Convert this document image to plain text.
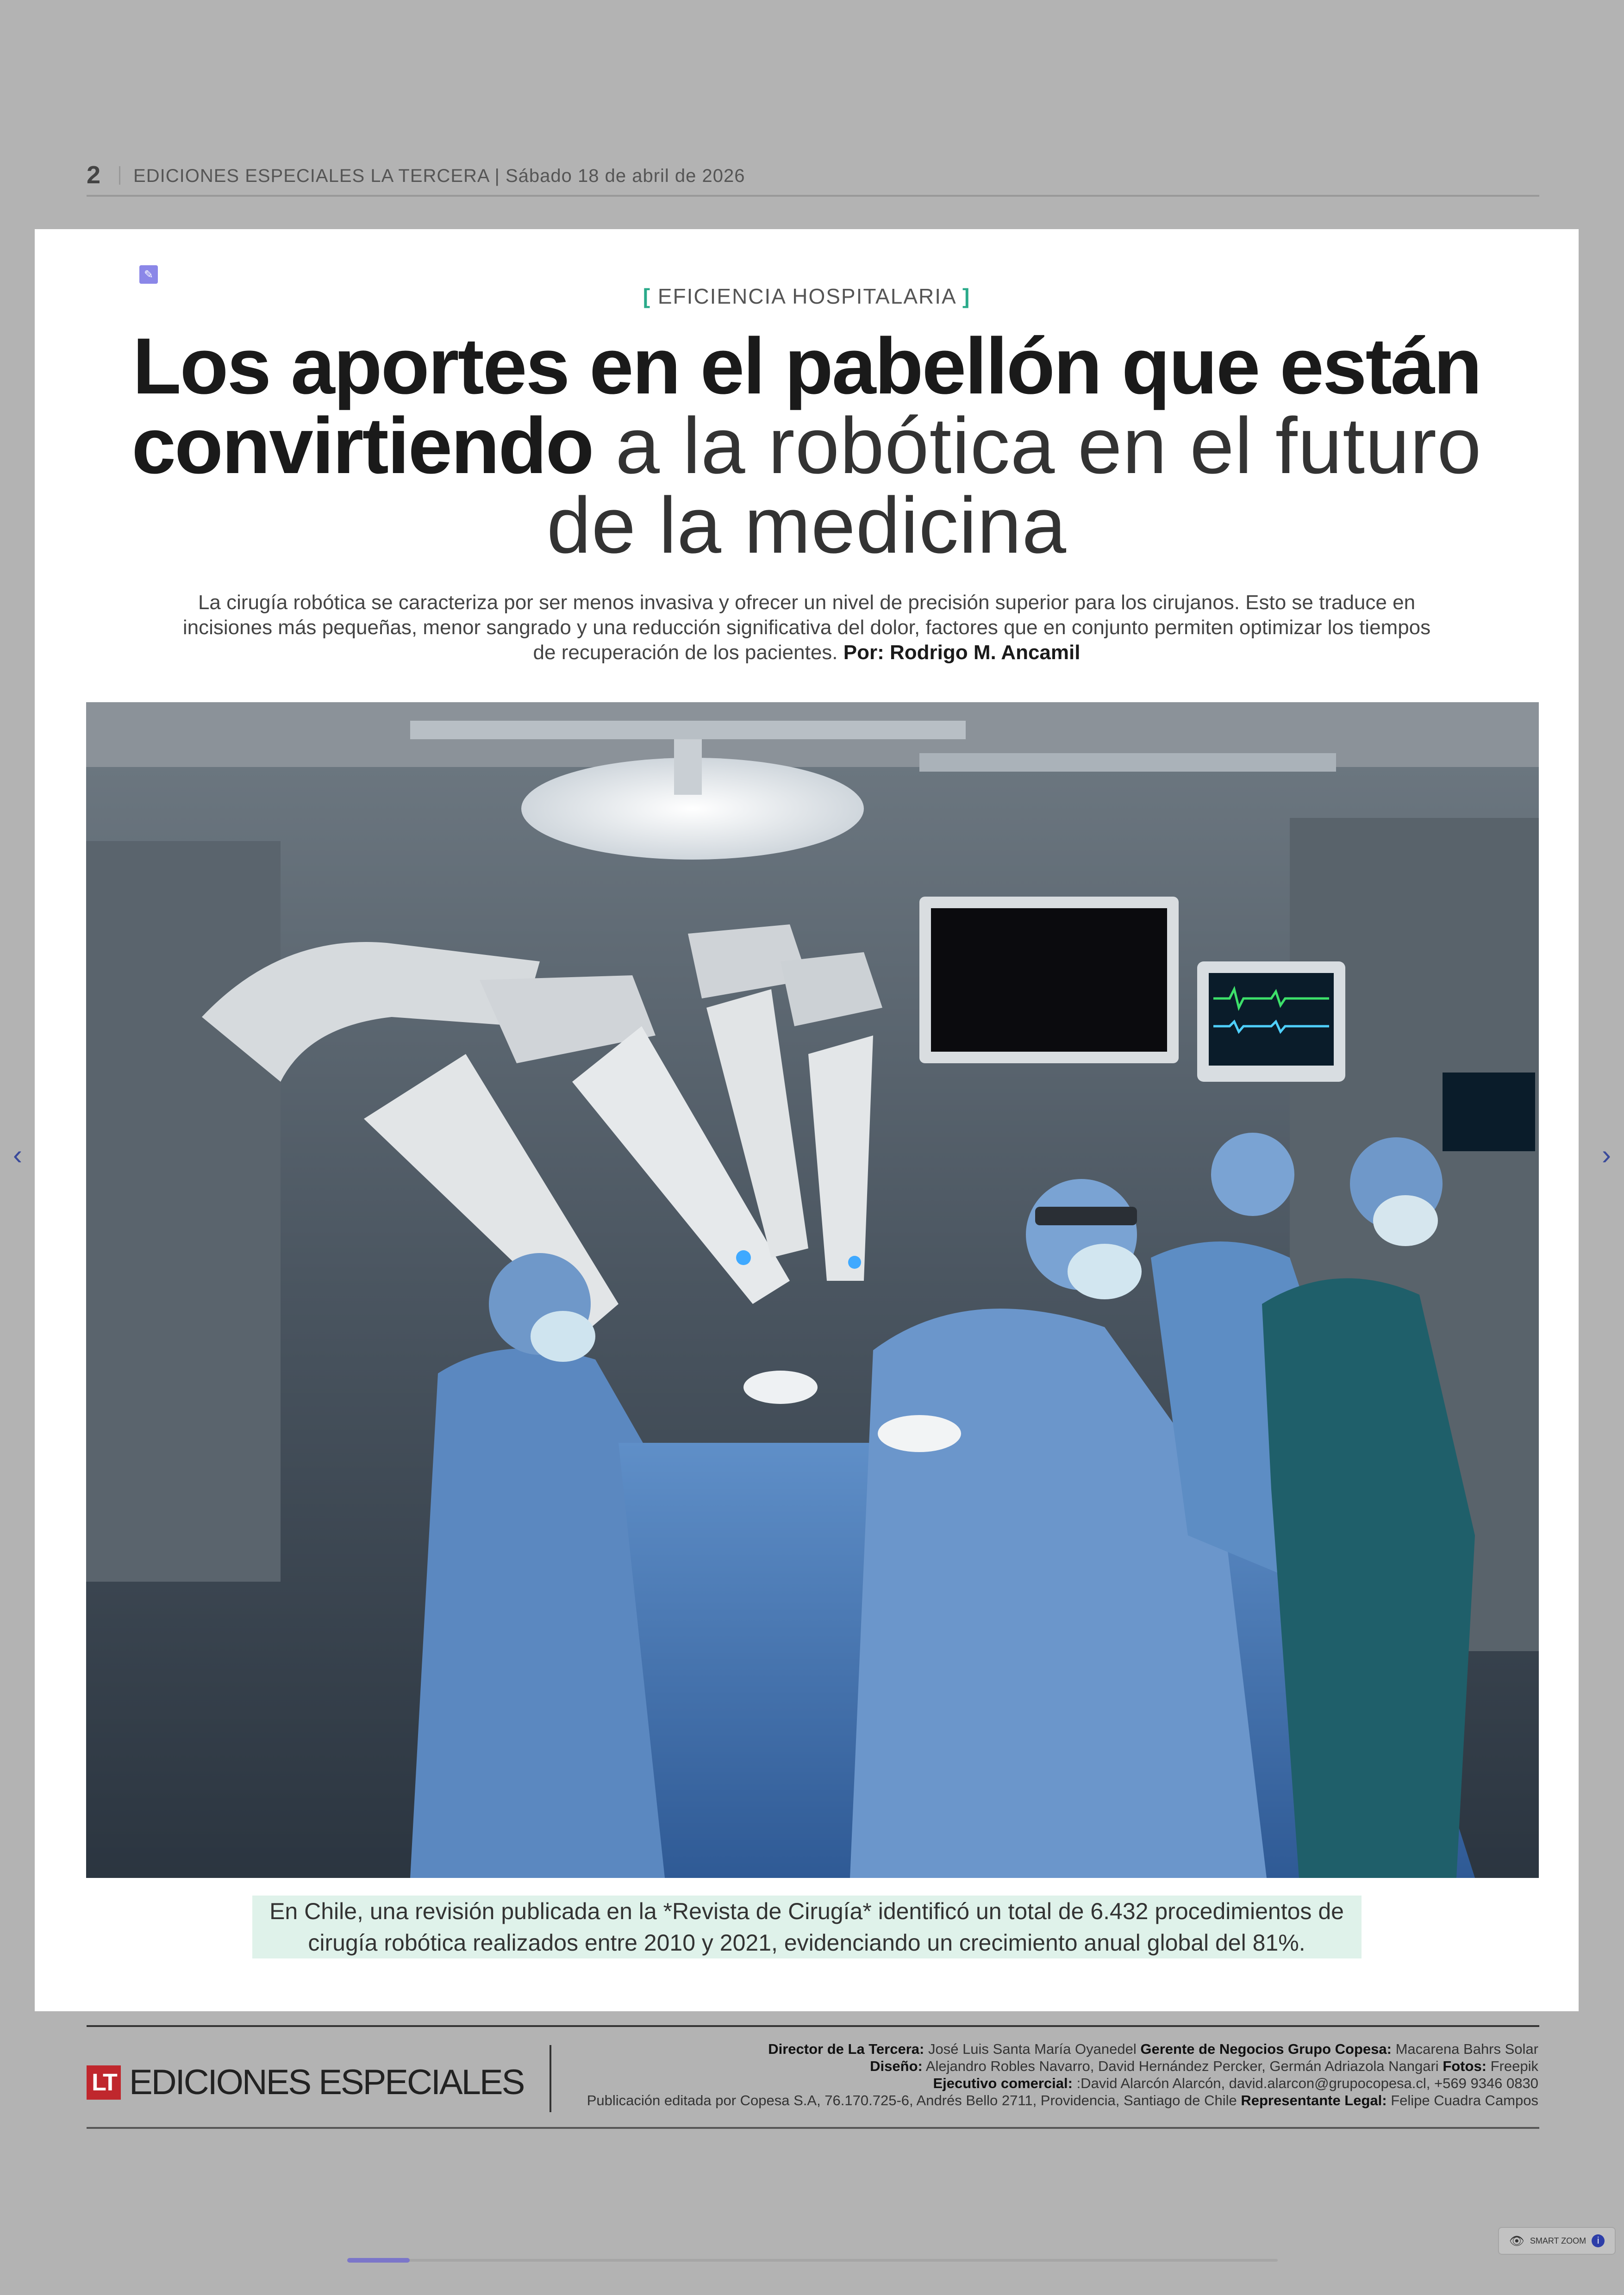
2 EDICIONES ESPECIALES LA TERCERA | Sábado 18 de abril de 2026
‹	›
✎
[ EFICIENCIA HOSPITALARIA ]
Los aportes en el pabellón que están convirtiendo a la robótica en el futuro de la medicina
La cirugía robótica se caracteriza por ser menos invasiva y ofrecer un nivel de precisión superior para los cirujanos. Esto se traduce en incisiones más pequeñas, menor sangrado y una reducción significativa del dolor, factores que en conjunto permiten optimizar los tiempos de recuperación de los pacientes. Por: Rodrigo M. Ancamil
En Chile, una revisión publicada en la *Revista de Cirugía* identificó un total de 6.432 procedimientos de cirugía robótica realizados entre 2010 y 2021, evidenciando un crecimiento anual global del 81%.
LT EDICIONES ESPECIALES
Director de La Tercera: José Luis Santa María Oyanedel Gerente de Negocios Grupo Copesa: Macarena Bahrs Solar
Diseño: Alejandro Robles Navarro, David Hernández Percker, Germán Adriazola Nangari Fotos: Freepik
Ejecutivo comercial: :David Alarcón Alarcón, david.alarcon@grupocopesa.cl, +569 9346 0830
Publicación editada por Copesa S.A, 76.170.725-6, Andrés Bello 2711, Providencia, Santiago de Chile Representante Legal: Felipe Cuadra Campos
👁 SMART ZOOM	i
